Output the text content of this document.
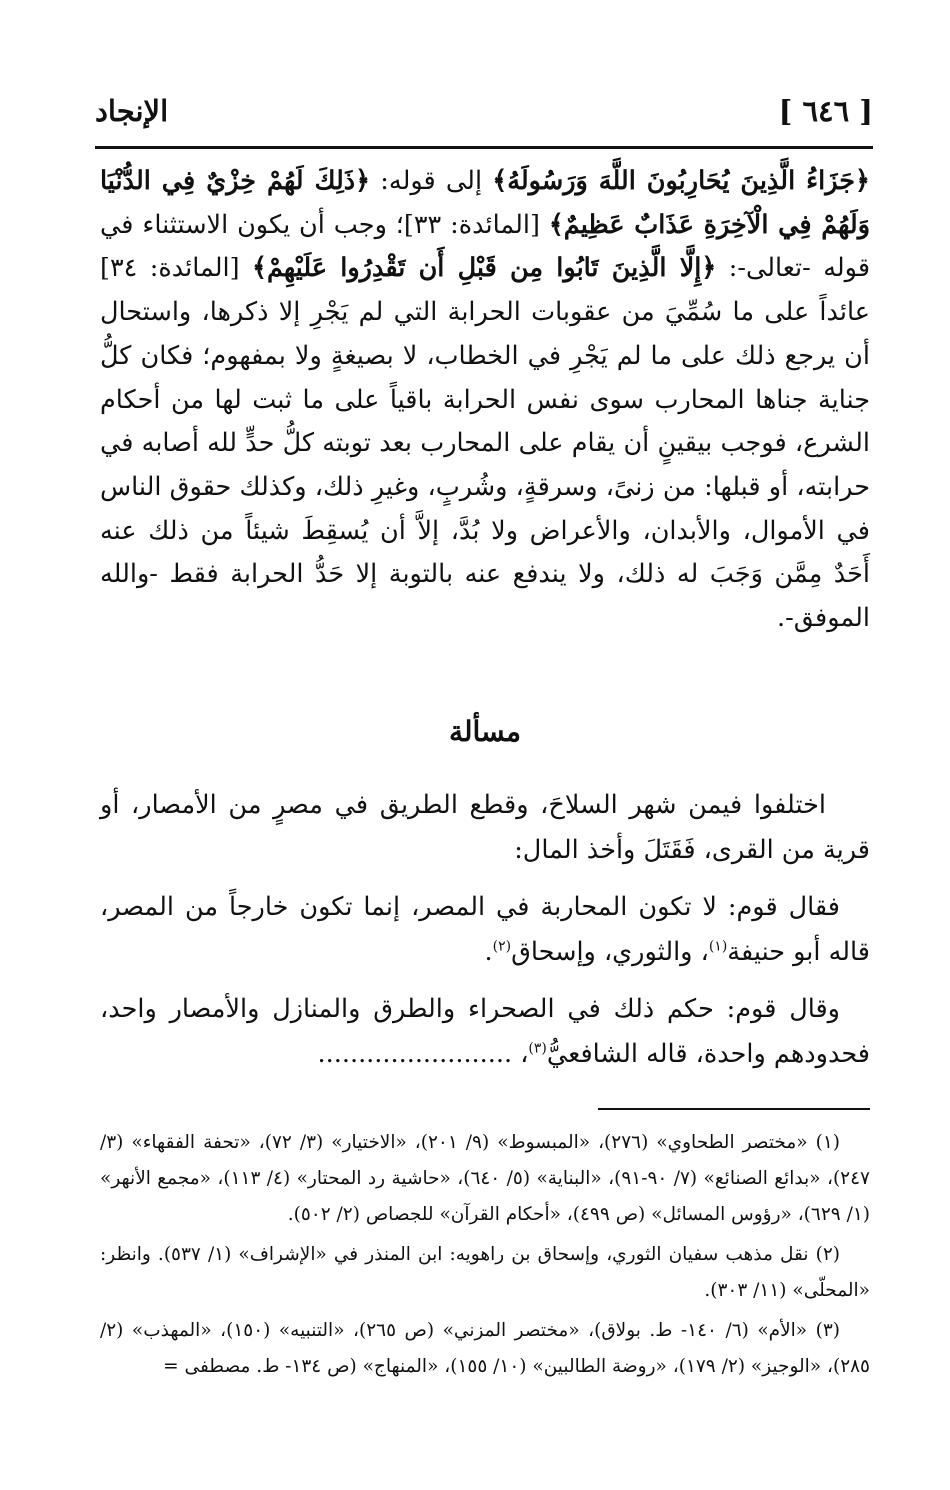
[ ٦٤٦ ]
الإنجاد

﴿جَزَاءُ الَّذِينَ يُحَارِبُونَ اللَّهَ وَرَسُولَهُ﴾ إلى قوله: ﴿ذَلِكَ لَهُمْ خِزْيٌ فِي الدُّنْيَا وَلَهُمْ فِي الْآخِرَةِ عَذَابٌ عَظِيمٌ﴾ [المائدة: ٣٣]؛ وجب أن يكون الاستثناء في قوله -تعالى-: ﴿إِلَّا الَّذِينَ تَابُوا مِن قَبْلِ أَن تَقْدِرُوا عَلَيْهِمْ﴾ [المائدة: ٣٤] عائداً على ما سُمِّيَ من عقوبات الحرابة التي لم يَجْرِ إلا ذكرها، واستحال أن يرجع ذلك على ما لم يَجْرِ في الخطاب، لا بصيغةٍ ولا بمفهوم؛ فكان كلُّ جناية جناها المحارب سوى نفس الحرابة باقياً على ما ثبت لها من أحكام الشرع، فوجب بيقينٍ أن يقام على المحارب بعد توبته كلُّ حدٍّ لله أصابه في حرابته، أو قبلها: من زنىً، وسرقةٍ، وشُربٍ، وغيرِ ذلك، وكذلك حقوق الناس في الأموال، والأبدان، والأعراض ولا بُدَّ، إلاَّ أن يُسقِطَ شيئاً من ذلك عنه أَحَدٌ مِمَّن وَجَبَ له ذلك، ولا يندفع عنه بالتوبة إلا حَدُّ الحرابة فقط -والله الموفق-.

مسألة

اختلفوا فيمن شهر السلاحَ، وقطع الطريق في مصرٍ من الأمصار، أو قرية من القرى، فَقَتَلَ وأخذ المال:

فقال قوم: لا تكون المحاربة في المصر، إنما تكون خارجاً من المصر، قاله أبو حنيفة$^{(١)}$، والثوري، وإسحاق$^{(٢)}$.

وقال قوم: حكم ذلك في الصحراء والطرق والمنازل والأمصار واحد، فحدودهم واحدة، قاله الشافعيُّ$^{(٣)}$، ........................

(١) «مختصر الطحاوي» (٢٧٦)، «المبسوط» (٩/ ٢٠١)، «الاختيار» (٣/ ٧٢)، «تحفة الفقهاء» (٣/ ٢٤٧)، «بدائع الصنائع» (٧/ ٩٠-٩١)، «البناية» (٥/ ٦٤٠)، «حاشية رد المحتار» (٤/ ١١٣)، «مجمع الأنهر» (١/ ٦٢٩)، «رؤوس المسائل» (ص ٤٩٩)، «أحكام القرآن» للجصاص (٢/ ٥٠٢).

(٢) نقل مذهب سفيان الثوري، وإسحاق بن راهويه: ابن المنذر في «الإشراف» (١/ ٥٣٧). وانظر: «المحلّى» (١١/ ٣٠٣).

(٣) «الأم» (٦/ ١٤٠- ط. بولاق)، «مختصر المزني» (ص ٢٦٥)، «التنبيه» (١٥٠)، «المهذب» (٢/ ٢٨٥)، «الوجيز» (٢/ ١٧٩)، «روضة الطالبين» (١٠/ ١٥٥)، «المنهاج» (ص ١٣٤- ط. مصطفى =
